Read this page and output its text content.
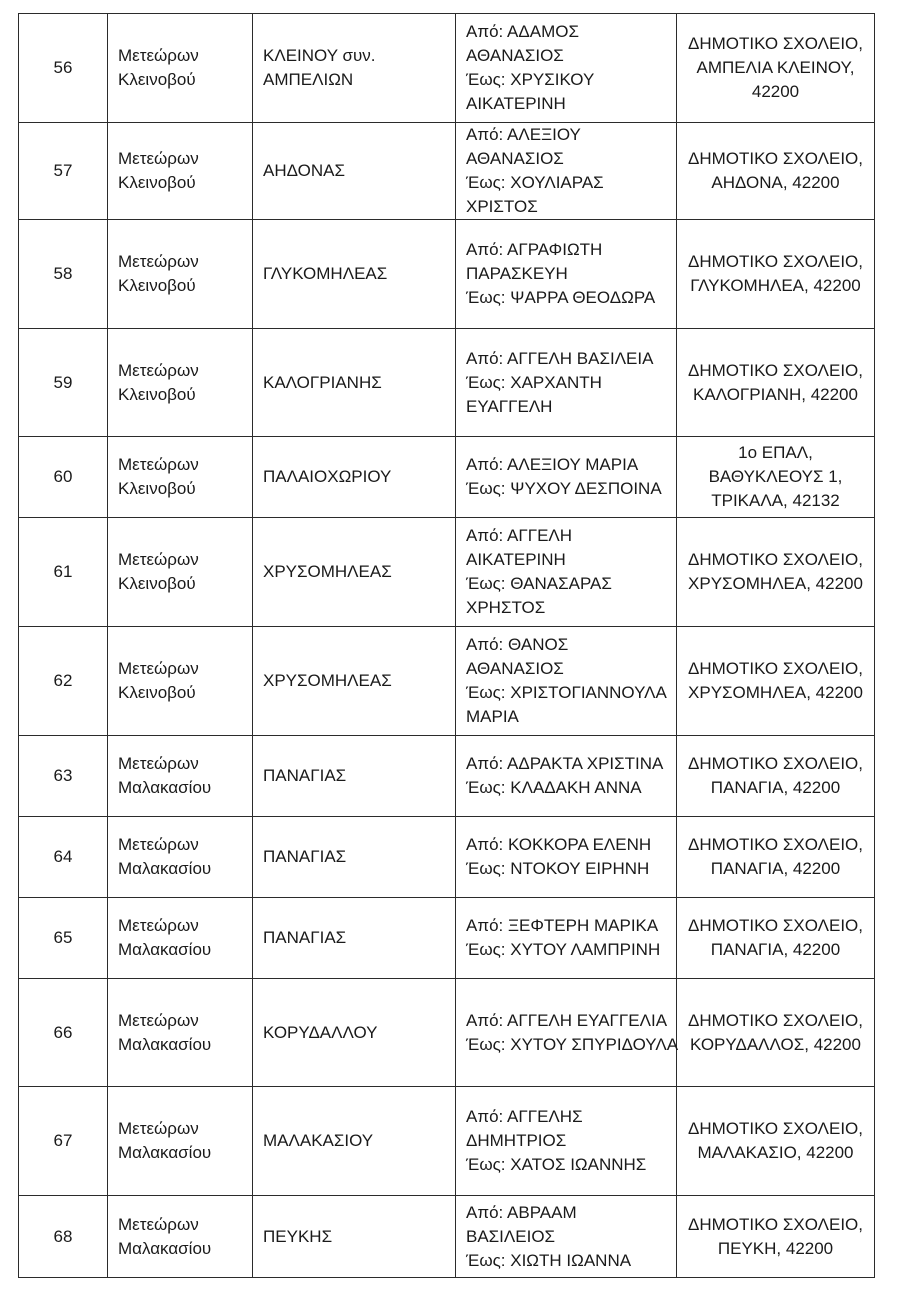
56	Μετεώρων
Κλεινοβού	ΚΛΕΙΝΟΥ συν.
ΑΜΠΕΛΙΩΝ	Από: ΑΔΑΜΟΣ
ΑΘΑΝΑΣΙΟΣ
Έως: ΧΡΥΣΙΚΟΥ
ΑΙΚΑΤΕΡΙΝΗ	ΔΗΜΟΤΙΚΟ ΣΧΟΛΕΙΟ,
ΑΜΠΕΛΙΑ ΚΛΕΙΝΟΥ,
42200

57	Μετεώρων
Κλεινοβού	ΑΗΔΟΝΑΣ	Από: ΑΛΕΞΙΟΥ
ΑΘΑΝΑΣΙΟΣ
Έως: ΧΟΥΛΙΑΡΑΣ
ΧΡΙΣΤΟΣ	ΔΗΜΟΤΙΚΟ ΣΧΟΛΕΙΟ,
ΑΗΔΟΝΑ, 42200

58	Μετεώρων
Κλεινοβού	ΓΛΥΚΟΜΗΛΕΑΣ	Από: ΑΓΡΑΦΙΩΤΗ
ΠΑΡΑΣΚΕΥΗ
Έως: ΨΑΡΡΑ ΘΕΟΔΩΡΑ	ΔΗΜΟΤΙΚΟ ΣΧΟΛΕΙΟ,
ΓΛΥΚΟΜΗΛΕΑ, 42200

59	Μετεώρων
Κλεινοβού	ΚΑΛΟΓΡΙΑΝΗΣ	Από: ΑΓΓΕΛΗ ΒΑΣΙΛΕΙΑ
Έως: ΧΑΡΧΑΝΤΗ
ΕΥΑΓΓΕΛΗ	ΔΗΜΟΤΙΚΟ ΣΧΟΛΕΙΟ,
ΚΑΛΟΓΡΙΑΝΗ, 42200

60	Μετεώρων
Κλεινοβού	ΠΑΛΑΙΟΧΩΡΙΟΥ	Από: ΑΛΕΞΙΟΥ ΜΑΡΙΑ
Έως: ΨΥΧΟΥ ΔΕΣΠΟΙΝΑ	1ο ΕΠΑΛ,
ΒΑΘΥΚΛΕΟΥΣ 1,
ΤΡΙΚΑΛΑ, 42132

61	Μετεώρων
Κλεινοβού	ΧΡΥΣΟΜΗΛΕΑΣ	Από: ΑΓΓΕΛΗ
ΑΙΚΑΤΕΡΙΝΗ
Έως: ΘΑΝΑΣΑΡΑΣ
ΧΡΗΣΤΟΣ	ΔΗΜΟΤΙΚΟ ΣΧΟΛΕΙΟ,
ΧΡΥΣΟΜΗΛΕΑ, 42200

62	Μετεώρων
Κλεινοβού	ΧΡΥΣΟΜΗΛΕΑΣ	Από: ΘΑΝΟΣ
ΑΘΑΝΑΣΙΟΣ
Έως: ΧΡΙΣΤΟΓΙΑΝΝΟΥΛΑ
ΜΑΡΙΑ	ΔΗΜΟΤΙΚΟ ΣΧΟΛΕΙΟ,
ΧΡΥΣΟΜΗΛΕΑ, 42200

63	Μετεώρων
Μαλακασίου	ΠΑΝΑΓΙΑΣ	Από: ΑΔΡΑΚΤΑ ΧΡΙΣΤΙΝΑ
Έως: ΚΛΑΔΑΚΗ ΑΝΝΑ	ΔΗΜΟΤΙΚΟ ΣΧΟΛΕΙΟ,
ΠΑΝΑΓΙΑ, 42200

64	Μετεώρων
Μαλακασίου	ΠΑΝΑΓΙΑΣ	Από: ΚΟΚΚΟΡΑ ΕΛΕΝΗ
Έως: ΝΤΟΚΟΥ ΕΙΡΗΝΗ	ΔΗΜΟΤΙΚΟ ΣΧΟΛΕΙΟ,
ΠΑΝΑΓΙΑ, 42200

65	Μετεώρων
Μαλακασίου	ΠΑΝΑΓΙΑΣ	Από: ΞΕΦΤΕΡΗ ΜΑΡΙΚΑ
Έως: ΧΥΤΟΥ ΛΑΜΠΡΙΝΗ	ΔΗΜΟΤΙΚΟ ΣΧΟΛΕΙΟ,
ΠΑΝΑΓΙΑ, 42200

66	Μετεώρων
Μαλακασίου	ΚΟΡΥΔΑΛΛΟΥ	Από: ΑΓΓΕΛΗ ΕΥΑΓΓΕΛΙΑ
Έως: ΧΥΤΟΥ ΣΠΥΡΙΔΟΥΛΑ	ΔΗΜΟΤΙΚΟ ΣΧΟΛΕΙΟ,
ΚΟΡΥΔΑΛΛΟΣ, 42200

67	Μετεώρων
Μαλακασίου	ΜΑΛΑΚΑΣΙΟΥ	Από: ΑΓΓΕΛΗΣ
ΔΗΜΗΤΡΙΟΣ
Έως: ΧΑΤΟΣ ΙΩΑΝΝΗΣ	ΔΗΜΟΤΙΚΟ ΣΧΟΛΕΙΟ,
ΜΑΛΑΚΑΣΙΟ, 42200

68	Μετεώρων
Μαλακασίου	ΠΕΥΚΗΣ	Από: ΑΒΡΑΑΜ
ΒΑΣΙΛΕΙΟΣ
Έως: ΧΙΩΤΗ ΙΩΑΝΝΑ	ΔΗΜΟΤΙΚΟ ΣΧΟΛΕΙΟ,
ΠΕΥΚΗ, 42200
